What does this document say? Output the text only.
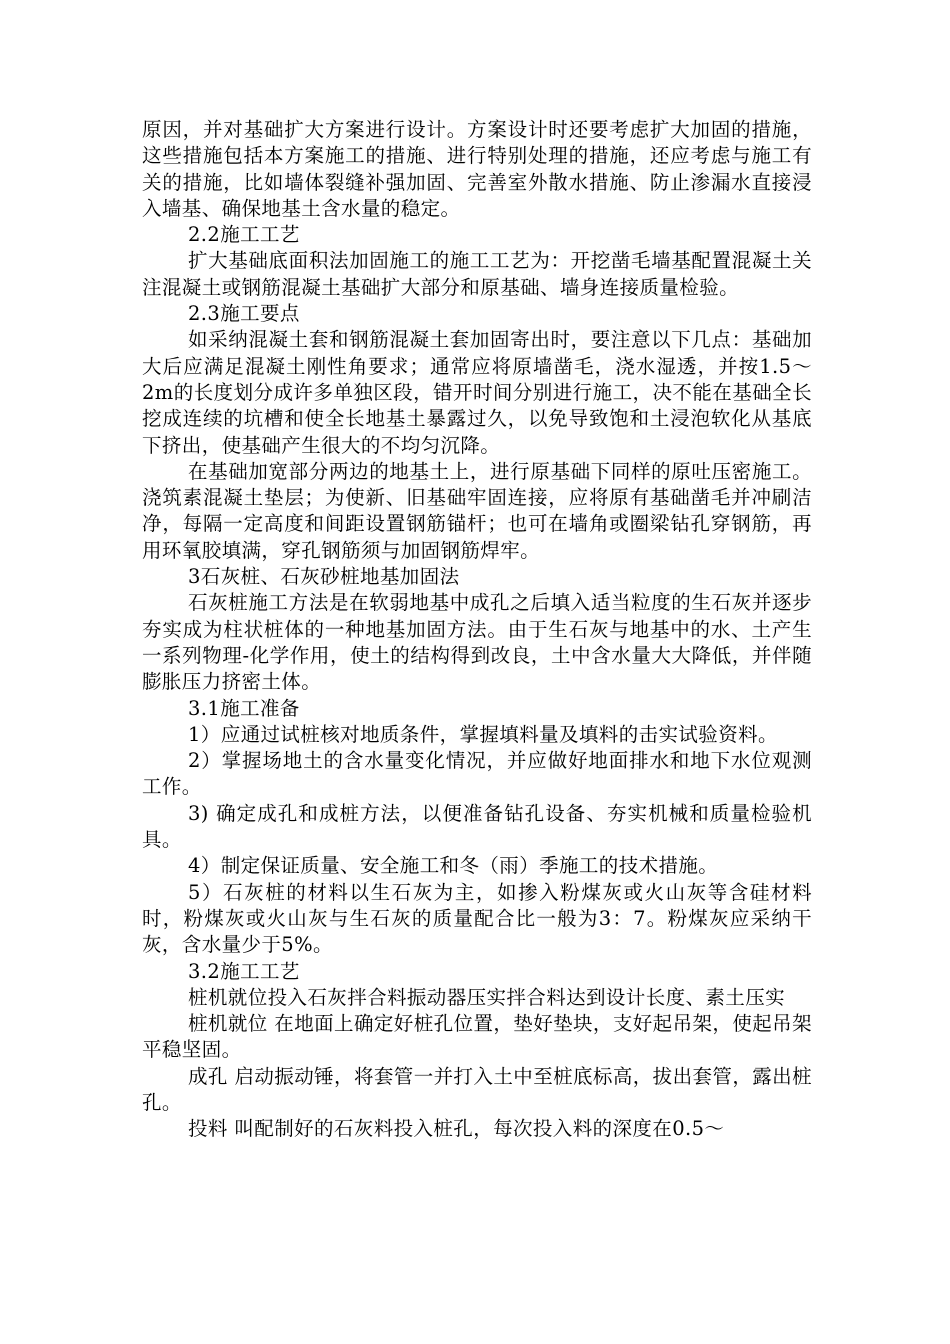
原因，并对基础扩大方案进行设计。方案设计时还要考虑扩大加固的措施，这些措施包括本方案施工的措施、进行特别处理的措施，还应考虑与施工有关的措施，比如墙体裂缝补强加固、完善室外散水措施、防止渗漏水直接浸入墙基、确保地基土含水量的稳定。

2.2施工工艺

扩大基础底面积法加固施工的施工工艺为：开挖凿毛墙基配置混凝土关注混凝土或钢筋混凝土基础扩大部分和原基础、墙身连接质量检验。

2.3施工要点

如采纳混凝土套和钢筋混凝土套加固寄出时，要注意以下几点：基础加大后应满足混凝土刚性角要求；通常应将原墙凿毛，浇水湿透，并按1.5～2m的长度划分成许多单独区段，错开时间分别进行施工，决不能在基础全长挖成连续的坑槽和使全长地基土暴露过久，以免导致饱和土浸泡软化从基底下挤出，使基础产生很大的不均匀沉降。

在基础加宽部分两边的地基土上，进行原基础下同样的原吐压密施工。浇筑素混凝土垫层；为使新、旧基础牢固连接，应将原有基础凿毛并冲刷洁净，每隔一定高度和间距设置钢筋锚杆；也可在墙角或圈梁钻孔穿钢筋，再用环氧胶填满，穿孔钢筋须与加固钢筋焊牢。

3石灰桩、石灰砂桩地基加固法

石灰桩施工方法是在软弱地基中成孔之后填入适当粒度的生石灰并逐步夯实成为柱状桩体的一种地基加固方法。由于生石灰与地基中的水、土产生一系列物理-化学作用，使土的结构得到改良，土中含水量大大降低，并伴随膨胀压力挤密土体。

3.1施工准备

1）应通过试桩核对地质条件，掌握填料量及填料的击实试验资料。

2）掌握场地土的含水量变化情况，并应做好地面排水和地下水位观测工作。

3) 确定成孔和成桩方法，以便准备钻孔设备、夯实机械和质量检验机具。

4）制定保证质量、安全施工和冬（雨）季施工的技术措施。

5）石灰桩的材料以生石灰为主，如掺入粉煤灰或火山灰等含硅材料时，粉煤灰或火山灰与生石灰的质量配合比一般为3：7。粉煤灰应采纳干灰，含水量少于5%。

3.2施工工艺

桩机就位投入石灰拌合料振动器压实拌合料达到设计长度、素土压实

桩机就位 在地面上确定好桩孔位置，垫好垫块，支好起吊架，使起吊架平稳坚固。

成孔 启动振动锤，将套管一并打入土中至桩底标高，拔出套管，露出桩孔。

投料 叫配制好的石灰料投入桩孔，每次投入料的深度在0.5～
